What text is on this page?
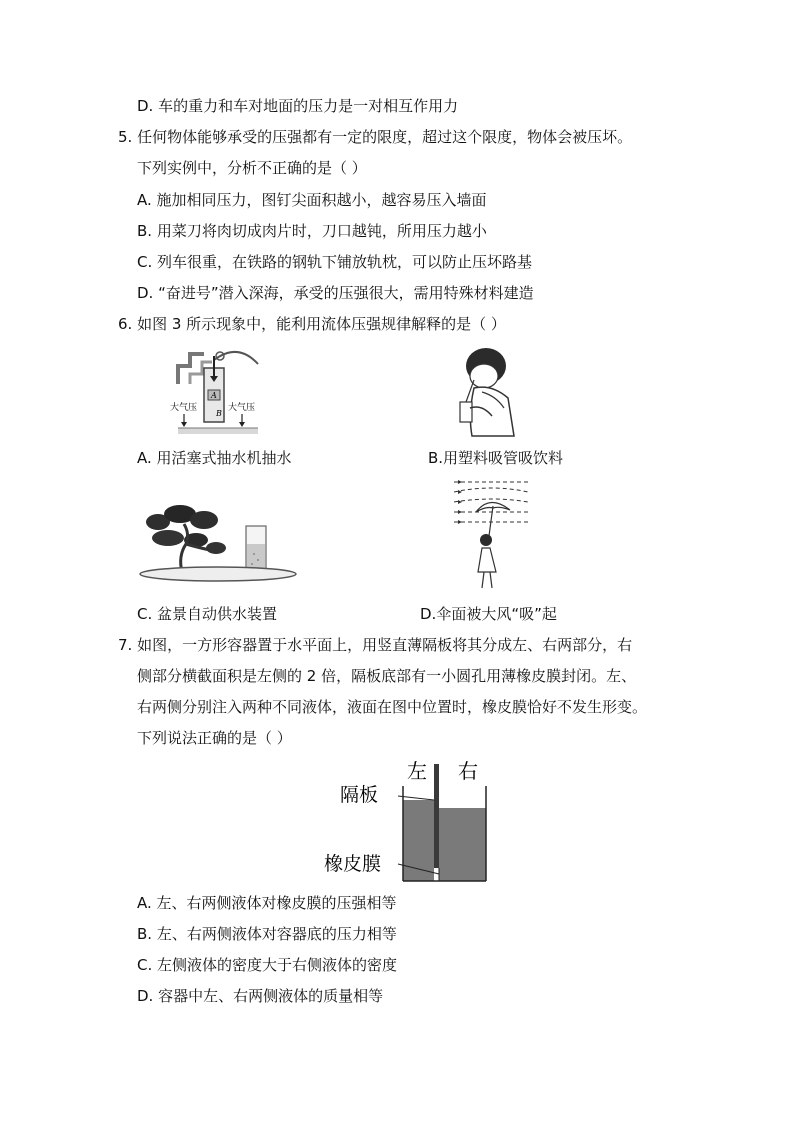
D. 车的重力和车对地面的压力是一对相互作用力
5. 任何物体能够承受的压强都有一定的限度，超过这个限度，物体会被压坏。
下列实例中，分析不正确的是（ ）
A. 施加相同压力，图钉尖面积越小，越容易压入墙面
B. 用菜刀将肉切成肉片时，刀口越钝，所用压力越小
C. 列车很重，在铁路的钢轨下铺放轨枕，可以防止压坏路基
D. “奋进号”潜入深海，承受的压强很大，需用特殊材料建造
6. 如图 3 所示现象中，能利用流体压强规律解释的是（ ）
A
B
大气压	大气压
A. 用活塞式抽水机抽水	B.用塑料吸管吸饮料
C. 盆景自动供水装置	D.伞面被大风“吸”起
7. 如图，一方形容器置于水平面上，用竖直薄隔板将其分成左、右两部分，右
侧部分横截面积是左侧的 2 倍，隔板底部有一小圆孔用薄橡皮膜封闭。左、
右两侧分别注入两种不同液体，液面在图中位置时，橡皮膜恰好不发生形变。
下列说法正确的是（ ）
左 右
隔板
橡皮膜
A. 左、右两侧液体对橡皮膜的压强相等
B. 左、右两侧液体对容器底的压力相等
C. 左侧液体的密度大于右侧液体的密度
D. 容器中左、右两侧液体的质量相等
